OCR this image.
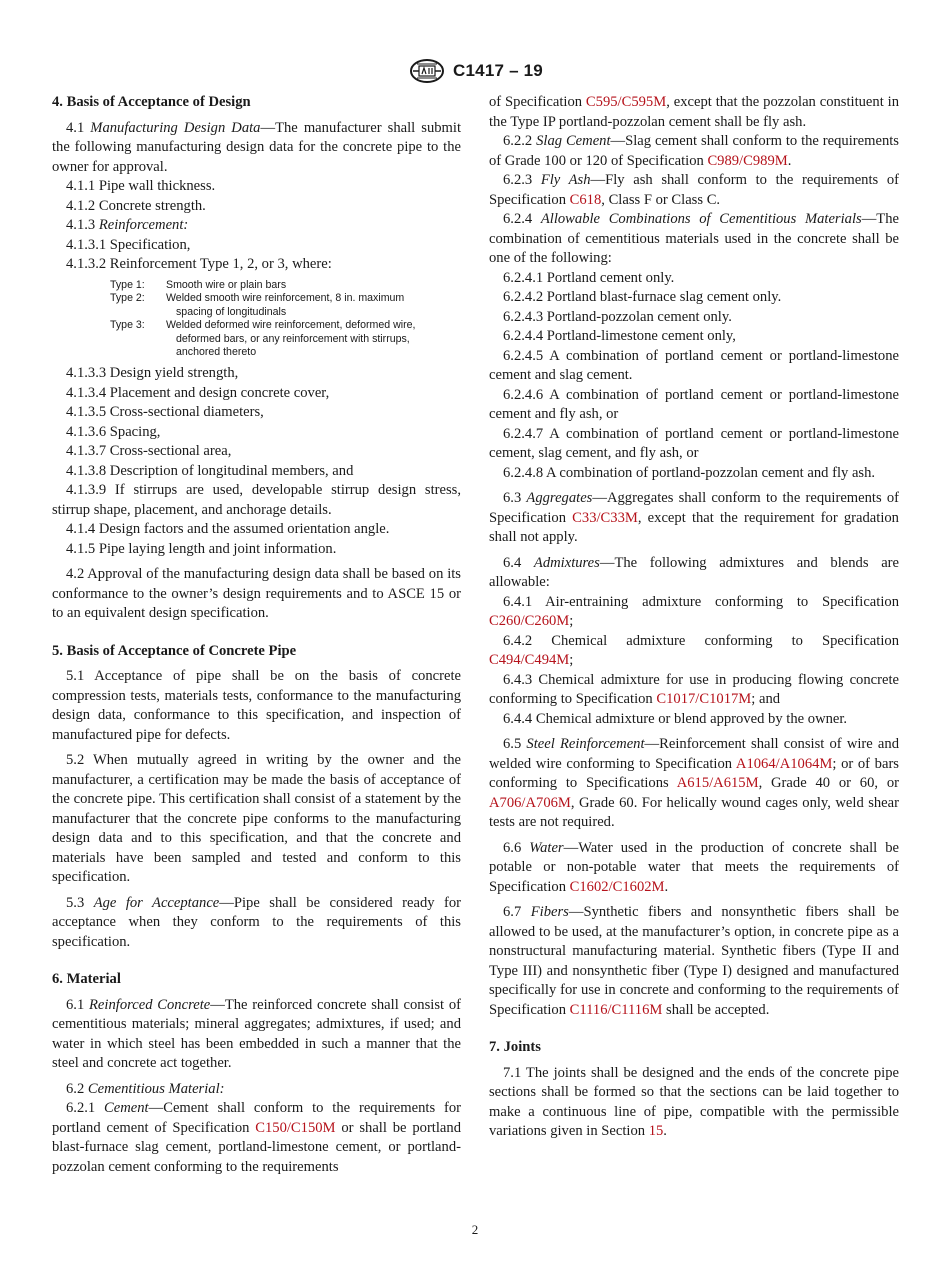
C1417 – 19
4. Basis of Acceptance of Design

4.1 Manufacturing Design Data—The manufacturer shall submit the following manufacturing design data for the concrete pipe to the owner for approval.

4.1.1 Pipe wall thickness.

4.1.2 Concrete strength.

4.1.3 Reinforcement:

4.1.3.1 Specification,

4.1.3.2 Reinforcement Type 1, 2, or 3, where:

Type 1:	Smooth wire or plain bars
Type 2:	Welded smooth wire reinforcement, 8 in. maximum
spacing of longitudinals
Type 3:	Welded deformed wire reinforcement, deformed wire,
deformed bars, or any reinforcement with stirrups,
anchored thereto

4.1.3.3 Design yield strength,

4.1.3.4 Placement and design concrete cover,

4.1.3.5 Cross-sectional diameters,

4.1.3.6 Spacing,

4.1.3.7 Cross-sectional area,

4.1.3.8 Description of longitudinal members, and

4.1.3.9 If stirrups are used, developable stirrup design stress, stirrup shape, placement, and anchorage details.

4.1.4 Design factors and the assumed orientation angle.

4.1.5 Pipe laying length and joint information.

4.2 Approval of the manufacturing design data shall be based on its conformance to the owner’s design requirements and to ASCE 15 or to an equivalent design specification.

5. Basis of Acceptance of Concrete Pipe

5.1 Acceptance of pipe shall be on the basis of concrete compression tests, materials tests, conformance to the manufacturing design data, conformance to this specification, and inspection of manufactured pipe for defects.

5.2 When mutually agreed in writing by the owner and the manufacturer, a certification may be made the basis of acceptance of the concrete pipe. This certification shall consist of a statement by the manufacturer that the concrete pipe conforms to the manufacturing design data and to this specification, and that the concrete and materials have been sampled and tested and conform to this specification.

5.3 Age for Acceptance—Pipe shall be considered ready for acceptance when they conform to the requirements of this specification.

6. Material

6.1 Reinforced Concrete—The reinforced concrete shall consist of cementitious materials; mineral aggregates; admixtures, if used; and water in which steel has been embedded in such a manner that the steel and concrete act together.

6.2 Cementitious Material:

6.2.1 Cement—Cement shall conform to the requirements for portland cement of Specification C150/C150M or shall be portland blast-furnace slag cement, portland-limestone cement, or portland-pozzolan cement conforming to the requirements

of Specification C595/C595M, except that the pozzolan constituent in the Type IP portland-pozzolan cement shall be fly ash.

6.2.2 Slag Cement—Slag cement shall conform to the requirements of Grade 100 or 120 of Specification C989/C989M.

6.2.3 Fly Ash—Fly ash shall conform to the requirements of Specification C618, Class F or Class C.

6.2.4 Allowable Combinations of Cementitious Materials—The combination of cementitious materials used in the concrete shall be one of the following:

6.2.4.1 Portland cement only.

6.2.4.2 Portland blast-furnace slag cement only.

6.2.4.3 Portland-pozzolan cement only.

6.2.4.4 Portland-limestone cement only,

6.2.4.5 A combination of portland cement or portland-limestone cement and slag cement.

6.2.4.6 A combination of portland cement or portland-limestone cement and fly ash, or

6.2.4.7 A combination of portland cement or portland-limestone cement, slag cement, and fly ash, or

6.2.4.8 A combination of portland-pozzolan cement and fly ash.

6.3 Aggregates—Aggregates shall conform to the requirements of Specification C33/C33M, except that the requirement for gradation shall not apply.

6.4 Admixtures—The following admixtures and blends are allowable:

6.4.1 Air-entraining admixture conforming to Specification C260/C260M;

6.4.2 Chemical admixture conforming to Specification C494/C494M;

6.4.3 Chemical admixture for use in producing flowing concrete conforming to Specification C1017/C1017M; and

6.4.4 Chemical admixture or blend approved by the owner.

6.5 Steel Reinforcement—Reinforcement shall consist of wire and welded wire conforming to Specification A1064/A1064M; or of bars conforming to Specifications A615/A615M, Grade 40 or 60, or A706/A706M, Grade 60. For helically wound cages only, weld shear tests are not required.

6.6 Water—Water used in the production of concrete shall be potable or non-potable water that meets the requirements of Specification C1602/C1602M.

6.7 Fibers—Synthetic fibers and nonsynthetic fibers shall be allowed to be used, at the manufacturer’s option, in concrete pipe as a nonstructural manufacturing material. Synthetic fibers (Type II and Type III) and nonsynthetic fiber (Type I) designed and manufactured specifically for use in concrete and conforming to the requirements of Specification C1116/C1116M shall be accepted.

7. Joints

7.1 The joints shall be designed and the ends of the concrete pipe sections shall be formed so that the sections can be laid together to make a continuous line of pipe, compatible with the permissible variations given in Section 15.

2
